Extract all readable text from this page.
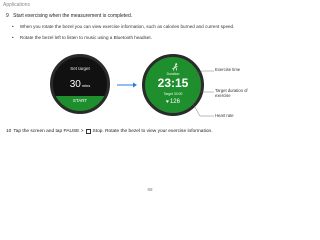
Applications
9 Start exercising when the measurement is completed.
• When you rotate the bezel you can view exercise information, such as calories burned and current speed.
• Rotate the bezel left to listen to music using a Bluetooth headset.
Set target
30mins
START
Duration
23:15
Target 30:00
♥126
Exercise time
Target duration of exercise
Heart rate
10 Tap the screen and tap PAUSE > Stop . Rotate the bezel to view your exercise information.
68
